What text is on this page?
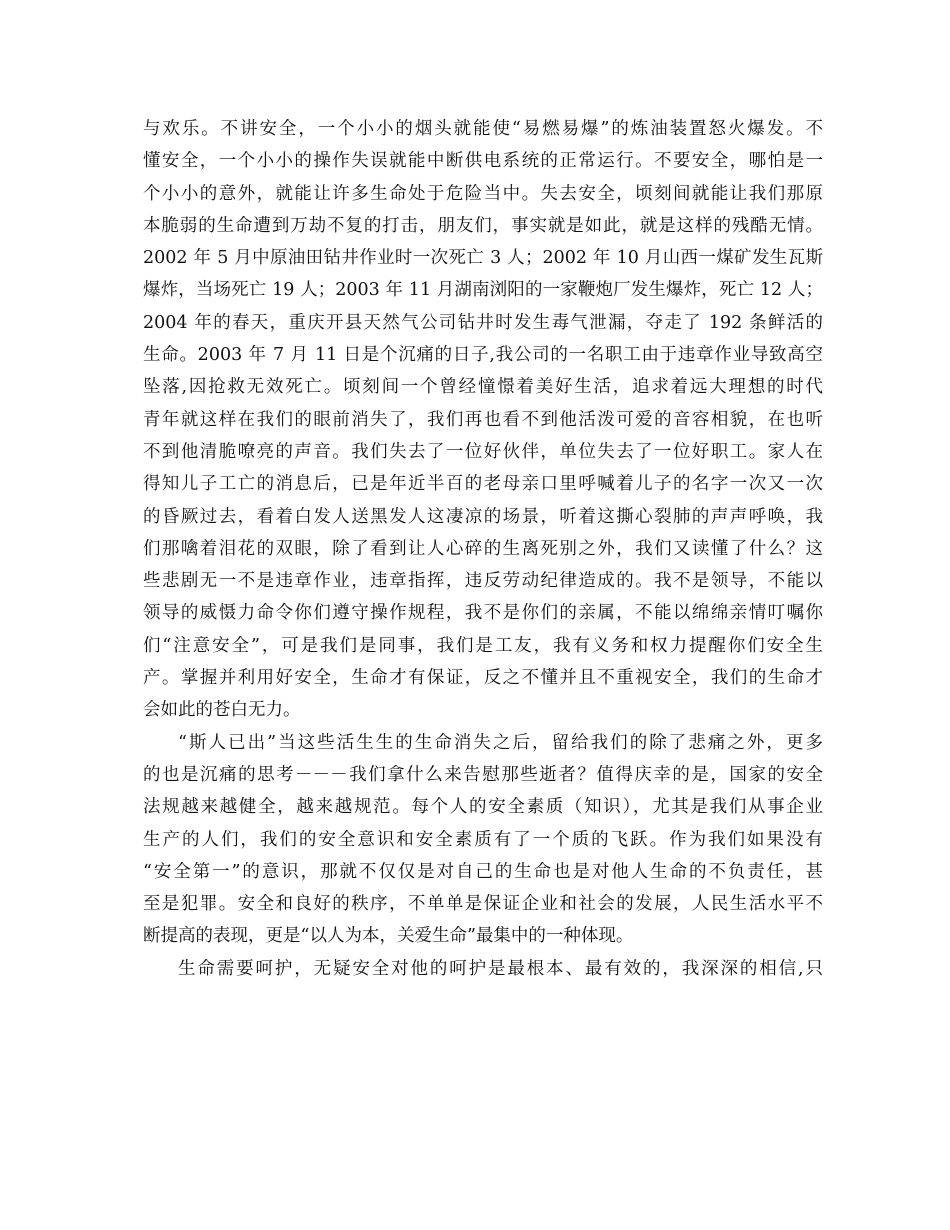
与欢乐。不讲安全，一个小小的烟头就能使“易燃易爆”的炼油装置怒火爆发。不
懂安全，一个小小的操作失误就能中断供电系统的正常运行。不要安全，哪怕是一
个小小的意外，就能让许多生命处于危险当中。失去安全，顷刻间就能让我们那原
本脆弱的生命遭到万劫不复的打击，朋友们，事实就是如此，就是这样的残酷无情。
2002 年 5 月中原油田钻井作业时一次死亡 3 人；2002 年 10 月山西一煤矿发生瓦斯
爆炸，当场死亡 19 人；2003 年 11 月湖南浏阳的一家鞭炮厂发生爆炸，死亡 12 人；
2004 年的春天，重庆开县天然气公司钻井时发生毒气泄漏，夺走了 192 条鲜活的
生命。2003 年 7 月 11 日是个沉痛的日子,我公司的一名职工由于违章作业导致高空
坠落,因抢救无效死亡。顷刻间一个曾经憧憬着美好生活，追求着远大理想的时代
青年就这样在我们的眼前消失了，我们再也看不到他活泼可爱的音容相貌，在也听
不到他清脆嘹亮的声音。我们失去了一位好伙伴，单位失去了一位好职工。家人在
得知儿子工亡的消息后，已是年近半百的老母亲口里呼喊着儿子的名字一次又一次
的昏厥过去，看着白发人送黑发人这凄凉的场景，听着这撕心裂肺的声声呼唤，我
们那噙着泪花的双眼，除了看到让人心碎的生离死别之外，我们又读懂了什么？这
些悲剧无一不是违章作业，违章指挥，违反劳动纪律造成的。我不是领导，不能以
领导的威慑力命令你们遵守操作规程，我不是你们的亲属，不能以绵绵亲情叮嘱你
们“注意安全”，可是我们是同事，我们是工友，我有义务和权力提醒你们安全生
产。掌握并利用好安全，生命才有保证，反之不懂并且不重视安全，我们的生命才
会如此的苍白无力。
“斯人已出”当这些活生生的生命消失之后，留给我们的除了悲痛之外，更多
的也是沉痛的思考－－－我们拿什么来告慰那些逝者？值得庆幸的是，国家的安全
法规越来越健全，越来越规范。每个人的安全素质（知识），尤其是我们从事企业
生产的人们，我们的安全意识和安全素质有了一个质的飞跃。作为我们如果没有
“安全第一”的意识，那就不仅仅是对自己的生命也是对他人生命的不负责任，甚
至是犯罪。安全和良好的秩序，不单单是保证企业和社会的发展，人民生活水平不
断提高的表现，更是“以人为本，关爱生命”最集中的一种体现。
生命需要呵护，无疑安全对他的呵护是最根本、最有效的，我深深的相信,只
